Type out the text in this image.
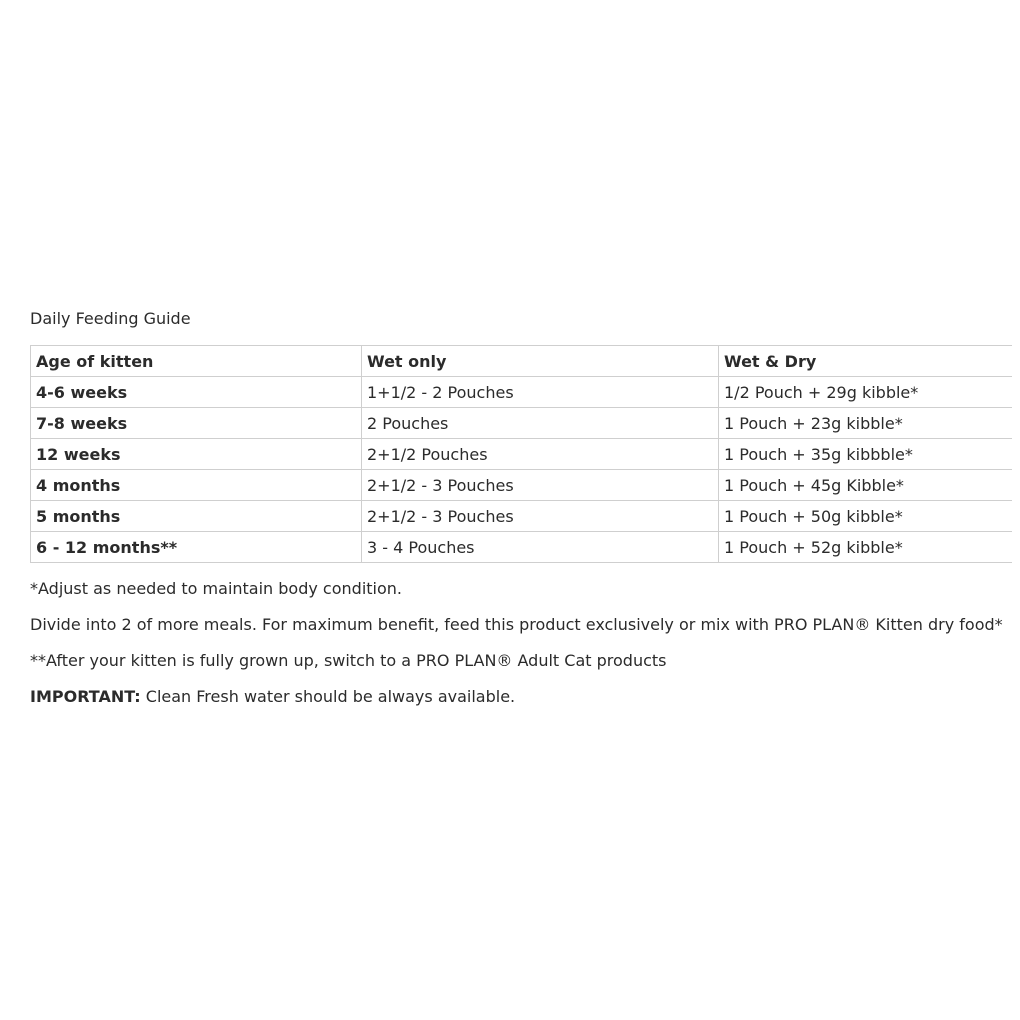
Daily Feeding Guide
Age of kitten	Wet only	Wet & Dry
4-6 weeks	1+1/2 - 2 Pouches	1/2 Pouch + 29g kibble*
7-8 weeks	2 Pouches	1 Pouch + 23g kibble*
12 weeks	2+1/2 Pouches	1 Pouch + 35g kibbble*
4 months	2+1/2 - 3 Pouches	1 Pouch + 45g Kibble*
5 months	2+1/2 - 3 Pouches	1 Pouch + 50g kibble*
6 - 12 months**	3 - 4 Pouches	1 Pouch + 52g kibble*

*Adjust as needed to maintain body condition.

Divide into 2 of more meals. For maximum benefit, feed this product exclusively or mix with PRO PLAN® Kitten dry food*

**After your kitten is fully grown up, switch to a PRO PLAN® Adult Cat products

IMPORTANT: Clean Fresh water should be always available.
